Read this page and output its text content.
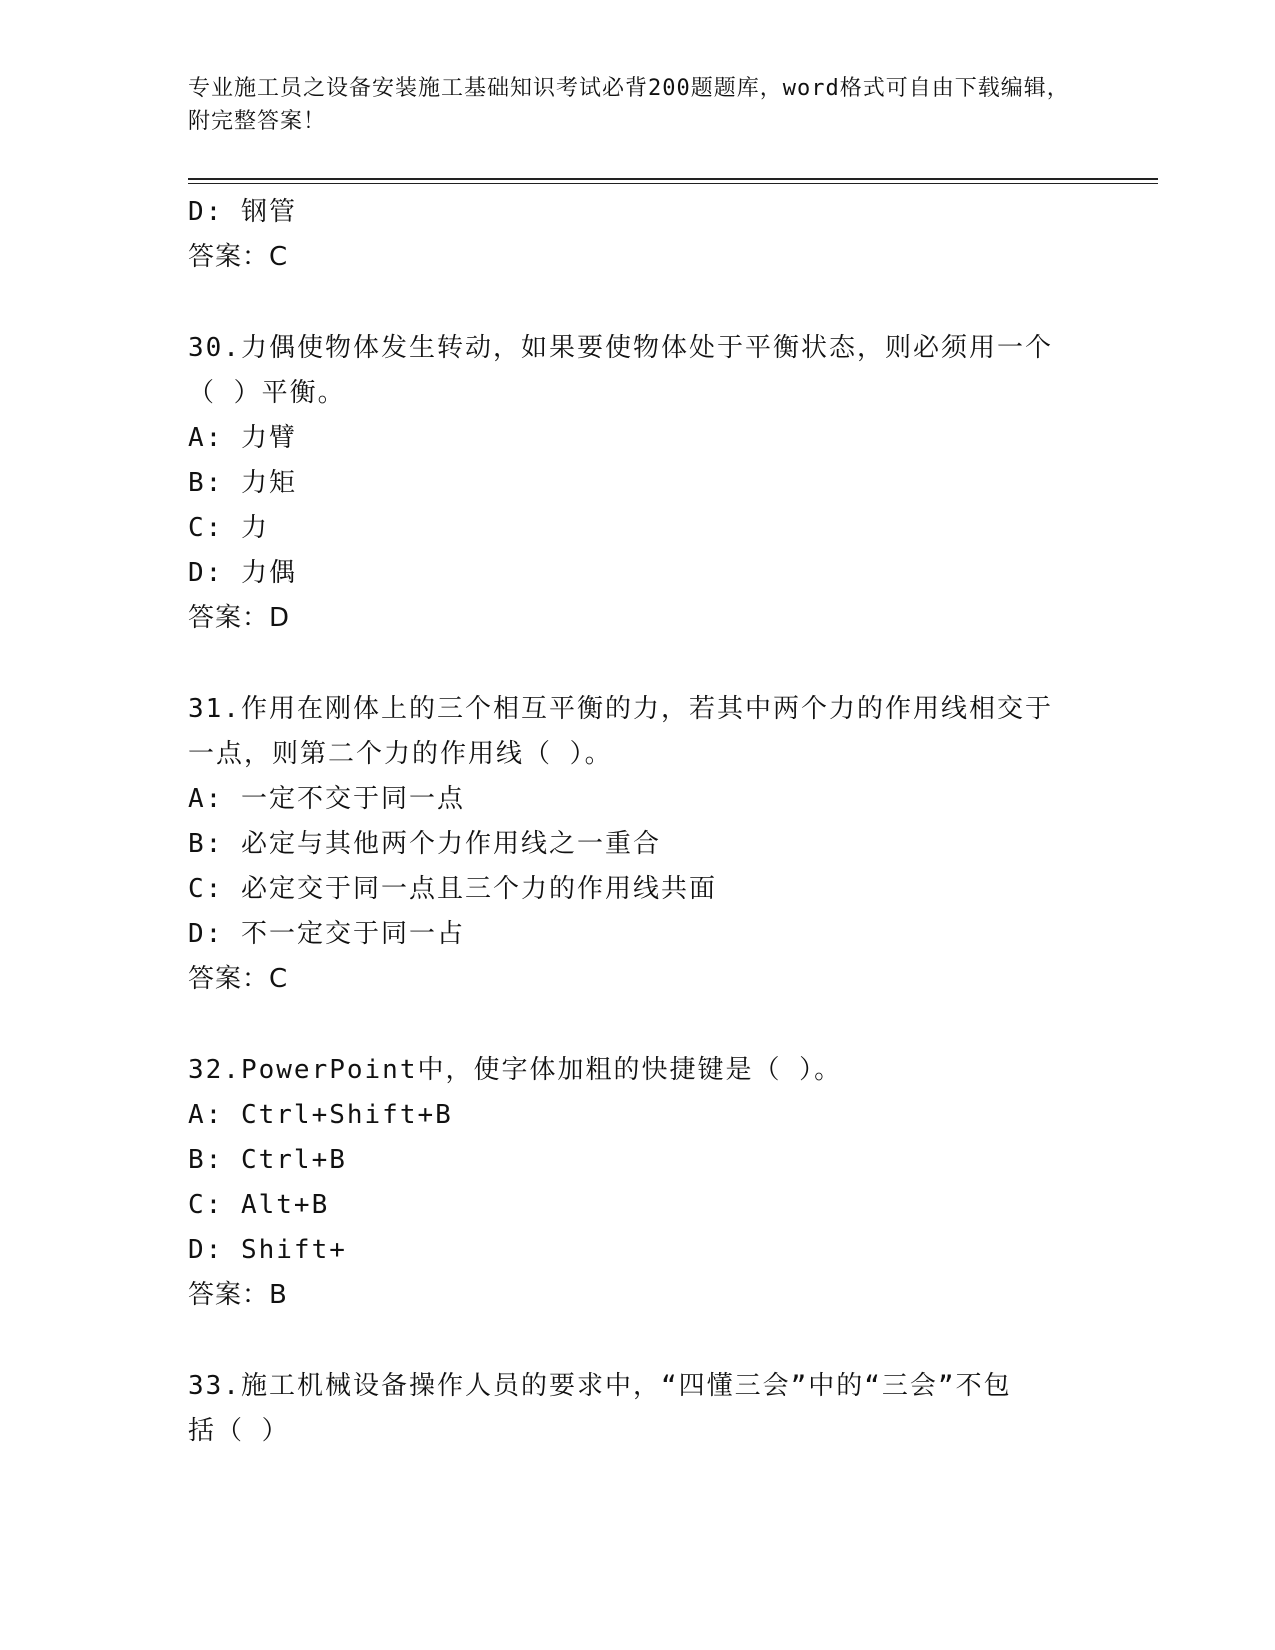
专业施工员之设备安装施工基础知识考试必背200题题库，word格式可自由下载编辑，附完整答案！
D: 钢管
答案：C
30.力偶使物体发生转动，如果要使物体处于平衡状态，则必须用一个
（ ）平衡。
A: 力臂
B: 力矩
C: 力
D: 力偶
答案：D
31.作用在刚体上的三个相互平衡的力，若其中两个力的作用线相交于
一点，则第二个力的作用线（ ）。
A: 一定不交于同一点
B: 必定与其他两个力作用线之一重合
C: 必定交于同一点且三个力的作用线共面
D: 不一定交于同一占
答案：C
32.PowerPoint中，使字体加粗的快捷键是（ ）。
A: Ctrl+Shift+B
B: Ctrl+B
C: Alt+B
D: Shift+
答案：B
33.施工机械设备操作人员的要求中，“四懂三会”中的“三会”不包
括（ ）
